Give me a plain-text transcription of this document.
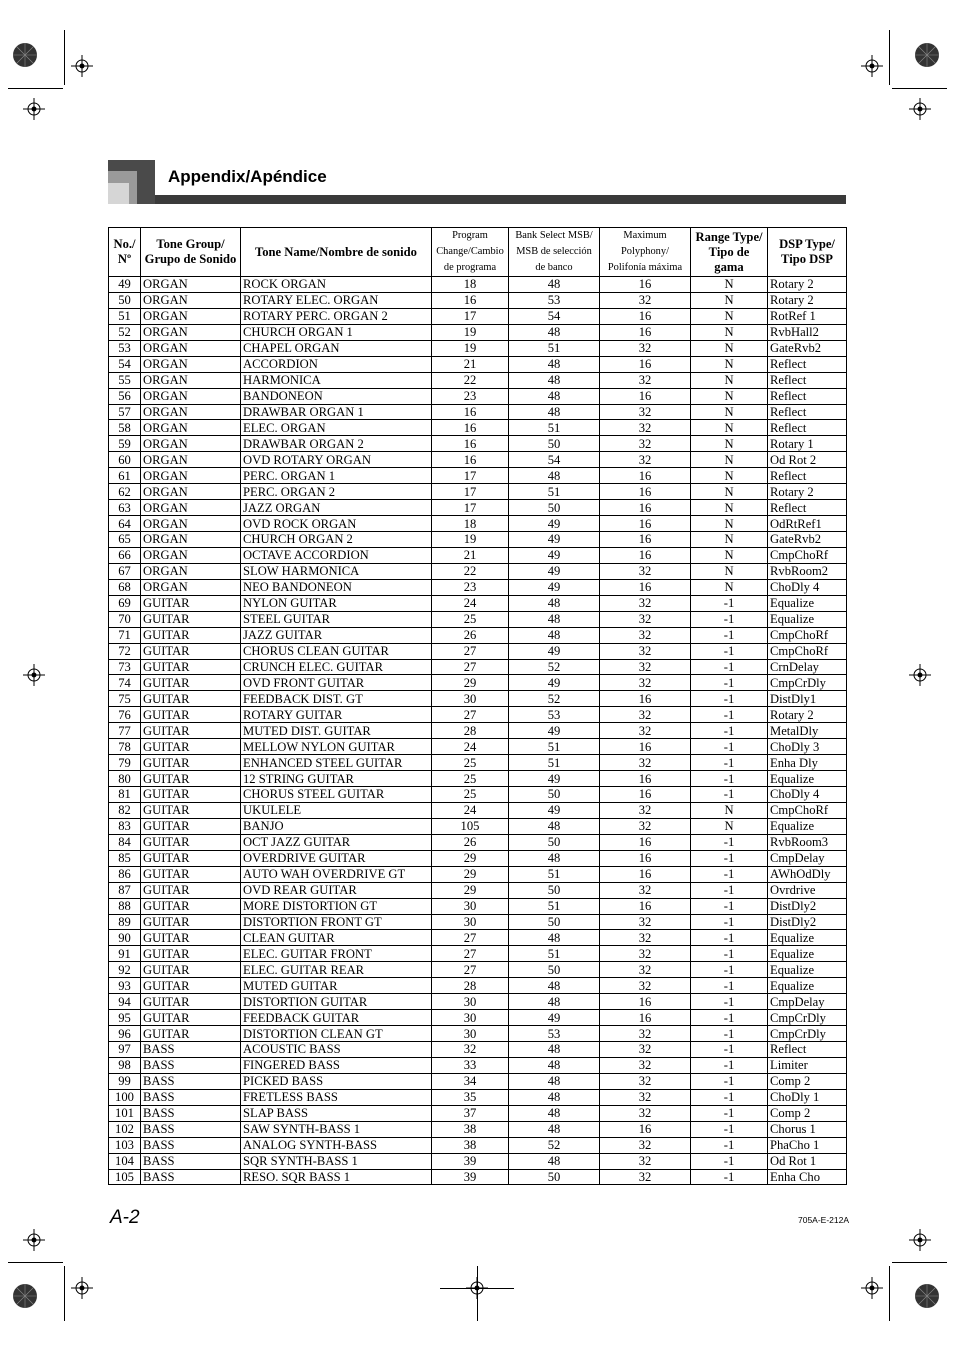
Appendix/Apéndice
No./ Nº	Tone Group/ Grupo de Sonido	Tone Name/Nombre de sonido	Program Change/Cambio de programa	Bank Select MSB/ MSB de selección de banco	Maximum Polyphony/ Polifonía máxima	Range Type/ Tipo de gama	DSP Type/ Tipo DSP
49	ORGAN	ROCK ORGAN	18	48	16	N	Rotary 2
50	ORGAN	ROTARY ELEC. ORGAN	16	53	32	N	Rotary 2
51	ORGAN	ROTARY PERC. ORGAN 2	17	54	16	N	RotRef 1
52	ORGAN	CHURCH ORGAN 1	19	48	16	N	RvbHall2
53	ORGAN	CHAPEL ORGAN	19	51	32	N	GateRvb2
54	ORGAN	ACCORDION	21	48	16	N	Reflect
55	ORGAN	HARMONICA	22	48	32	N	Reflect
56	ORGAN	BANDONEON	23	48	16	N	Reflect
57	ORGAN	DRAWBAR ORGAN 1	16	48	32	N	Reflect
58	ORGAN	ELEC. ORGAN	16	51	32	N	Reflect
59	ORGAN	DRAWBAR ORGAN 2	16	50	32	N	Rotary 1
60	ORGAN	OVD ROTARY ORGAN	16	54	32	N	Od Rot 2
61	ORGAN	PERC. ORGAN 1	17	48	16	N	Reflect
62	ORGAN	PERC. ORGAN 2	17	51	16	N	Rotary 2
63	ORGAN	JAZZ ORGAN	17	50	16	N	Reflect
64	ORGAN	OVD ROCK ORGAN	18	49	16	N	OdRtRef1
65	ORGAN	CHURCH ORGAN 2	19	49	16	N	GateRvb2
66	ORGAN	OCTAVE ACCORDION	21	49	16	N	CmpChoRf
67	ORGAN	SLOW HARMONICA	22	49	32	N	RvbRoom2
68	ORGAN	NEO BANDONEON	23	49	16	N	ChoDly 4
69	GUITAR	NYLON GUITAR	24	48	32	-1	Equalize
70	GUITAR	STEEL GUITAR	25	48	32	-1	Equalize
71	GUITAR	JAZZ GUITAR	26	48	32	-1	CmpChoRf
72	GUITAR	CHORUS CLEAN GUITAR	27	49	32	-1	CmpChoRf
73	GUITAR	CRUNCH ELEC. GUITAR	27	52	32	-1	CrnDelay
74	GUITAR	OVD FRONT GUITAR	29	49	32	-1	CmpCrDly
75	GUITAR	FEEDBACK DIST. GT	30	52	16	-1	DistDly1
76	GUITAR	ROTARY GUITAR	27	53	32	-1	Rotary 2
77	GUITAR	MUTED DIST. GUITAR	28	49	32	-1	MetalDly
78	GUITAR	MELLOW NYLON GUITAR	24	51	16	-1	ChoDly 3
79	GUITAR	ENHANCED STEEL GUITAR	25	51	32	-1	Enha Dly
80	GUITAR	12 STRING GUITAR	25	49	16	-1	Equalize
81	GUITAR	CHORUS STEEL GUITAR	25	50	16	-1	ChoDly 4
82	GUITAR	UKULELE	24	49	32	N	CmpChoRf
83	GUITAR	BANJO	105	48	32	N	Equalize
84	GUITAR	OCT JAZZ GUITAR	26	50	16	-1	RvbRoom3
85	GUITAR	OVERDRIVE GUITAR	29	48	16	-1	CmpDelay
86	GUITAR	AUTO WAH OVERDRIVE GT	29	51	16	-1	AWhOdDly
87	GUITAR	OVD REAR GUITAR	29	50	32	-1	Ovrdrive
88	GUITAR	MORE DISTORTION GT	30	51	16	-1	DistDly2
89	GUITAR	DISTORTION FRONT GT	30	50	32	-1	DistDly2
90	GUITAR	CLEAN GUITAR	27	48	32	-1	Equalize
91	GUITAR	ELEC. GUITAR FRONT	27	51	32	-1	Equalize
92	GUITAR	ELEC. GUITAR REAR	27	50	32	-1	Equalize
93	GUITAR	MUTED GUITAR	28	48	32	-1	Equalize
94	GUITAR	DISTORTION GUITAR	30	48	16	-1	CmpDelay
95	GUITAR	FEEDBACK GUITAR	30	49	16	-1	CmpCrDly
96	GUITAR	DISTORTION CLEAN GT	30	53	32	-1	CmpCrDly
97	BASS	ACOUSTIC BASS	32	48	32	-1	Reflect
98	BASS	FINGERED BASS	33	48	32	-1	Limiter
99	BASS	PICKED BASS	34	48	32	-1	Comp 2
100	BASS	FRETLESS BASS	35	48	32	-1	ChoDly 1
101	BASS	SLAP BASS	37	48	32	-1	Comp 2
102	BASS	SAW SYNTH-BASS 1	38	48	16	-1	Chorus 1
103	BASS	ANALOG SYNTH-BASS	38	52	32	-1	PhaCho 1
104	BASS	SQR SYNTH-BASS 1	39	48	32	-1	Od Rot 1
105	BASS	RESO. SQR BASS 1	39	50	32	-1	Enha Cho
A-2	705A-E-212A
